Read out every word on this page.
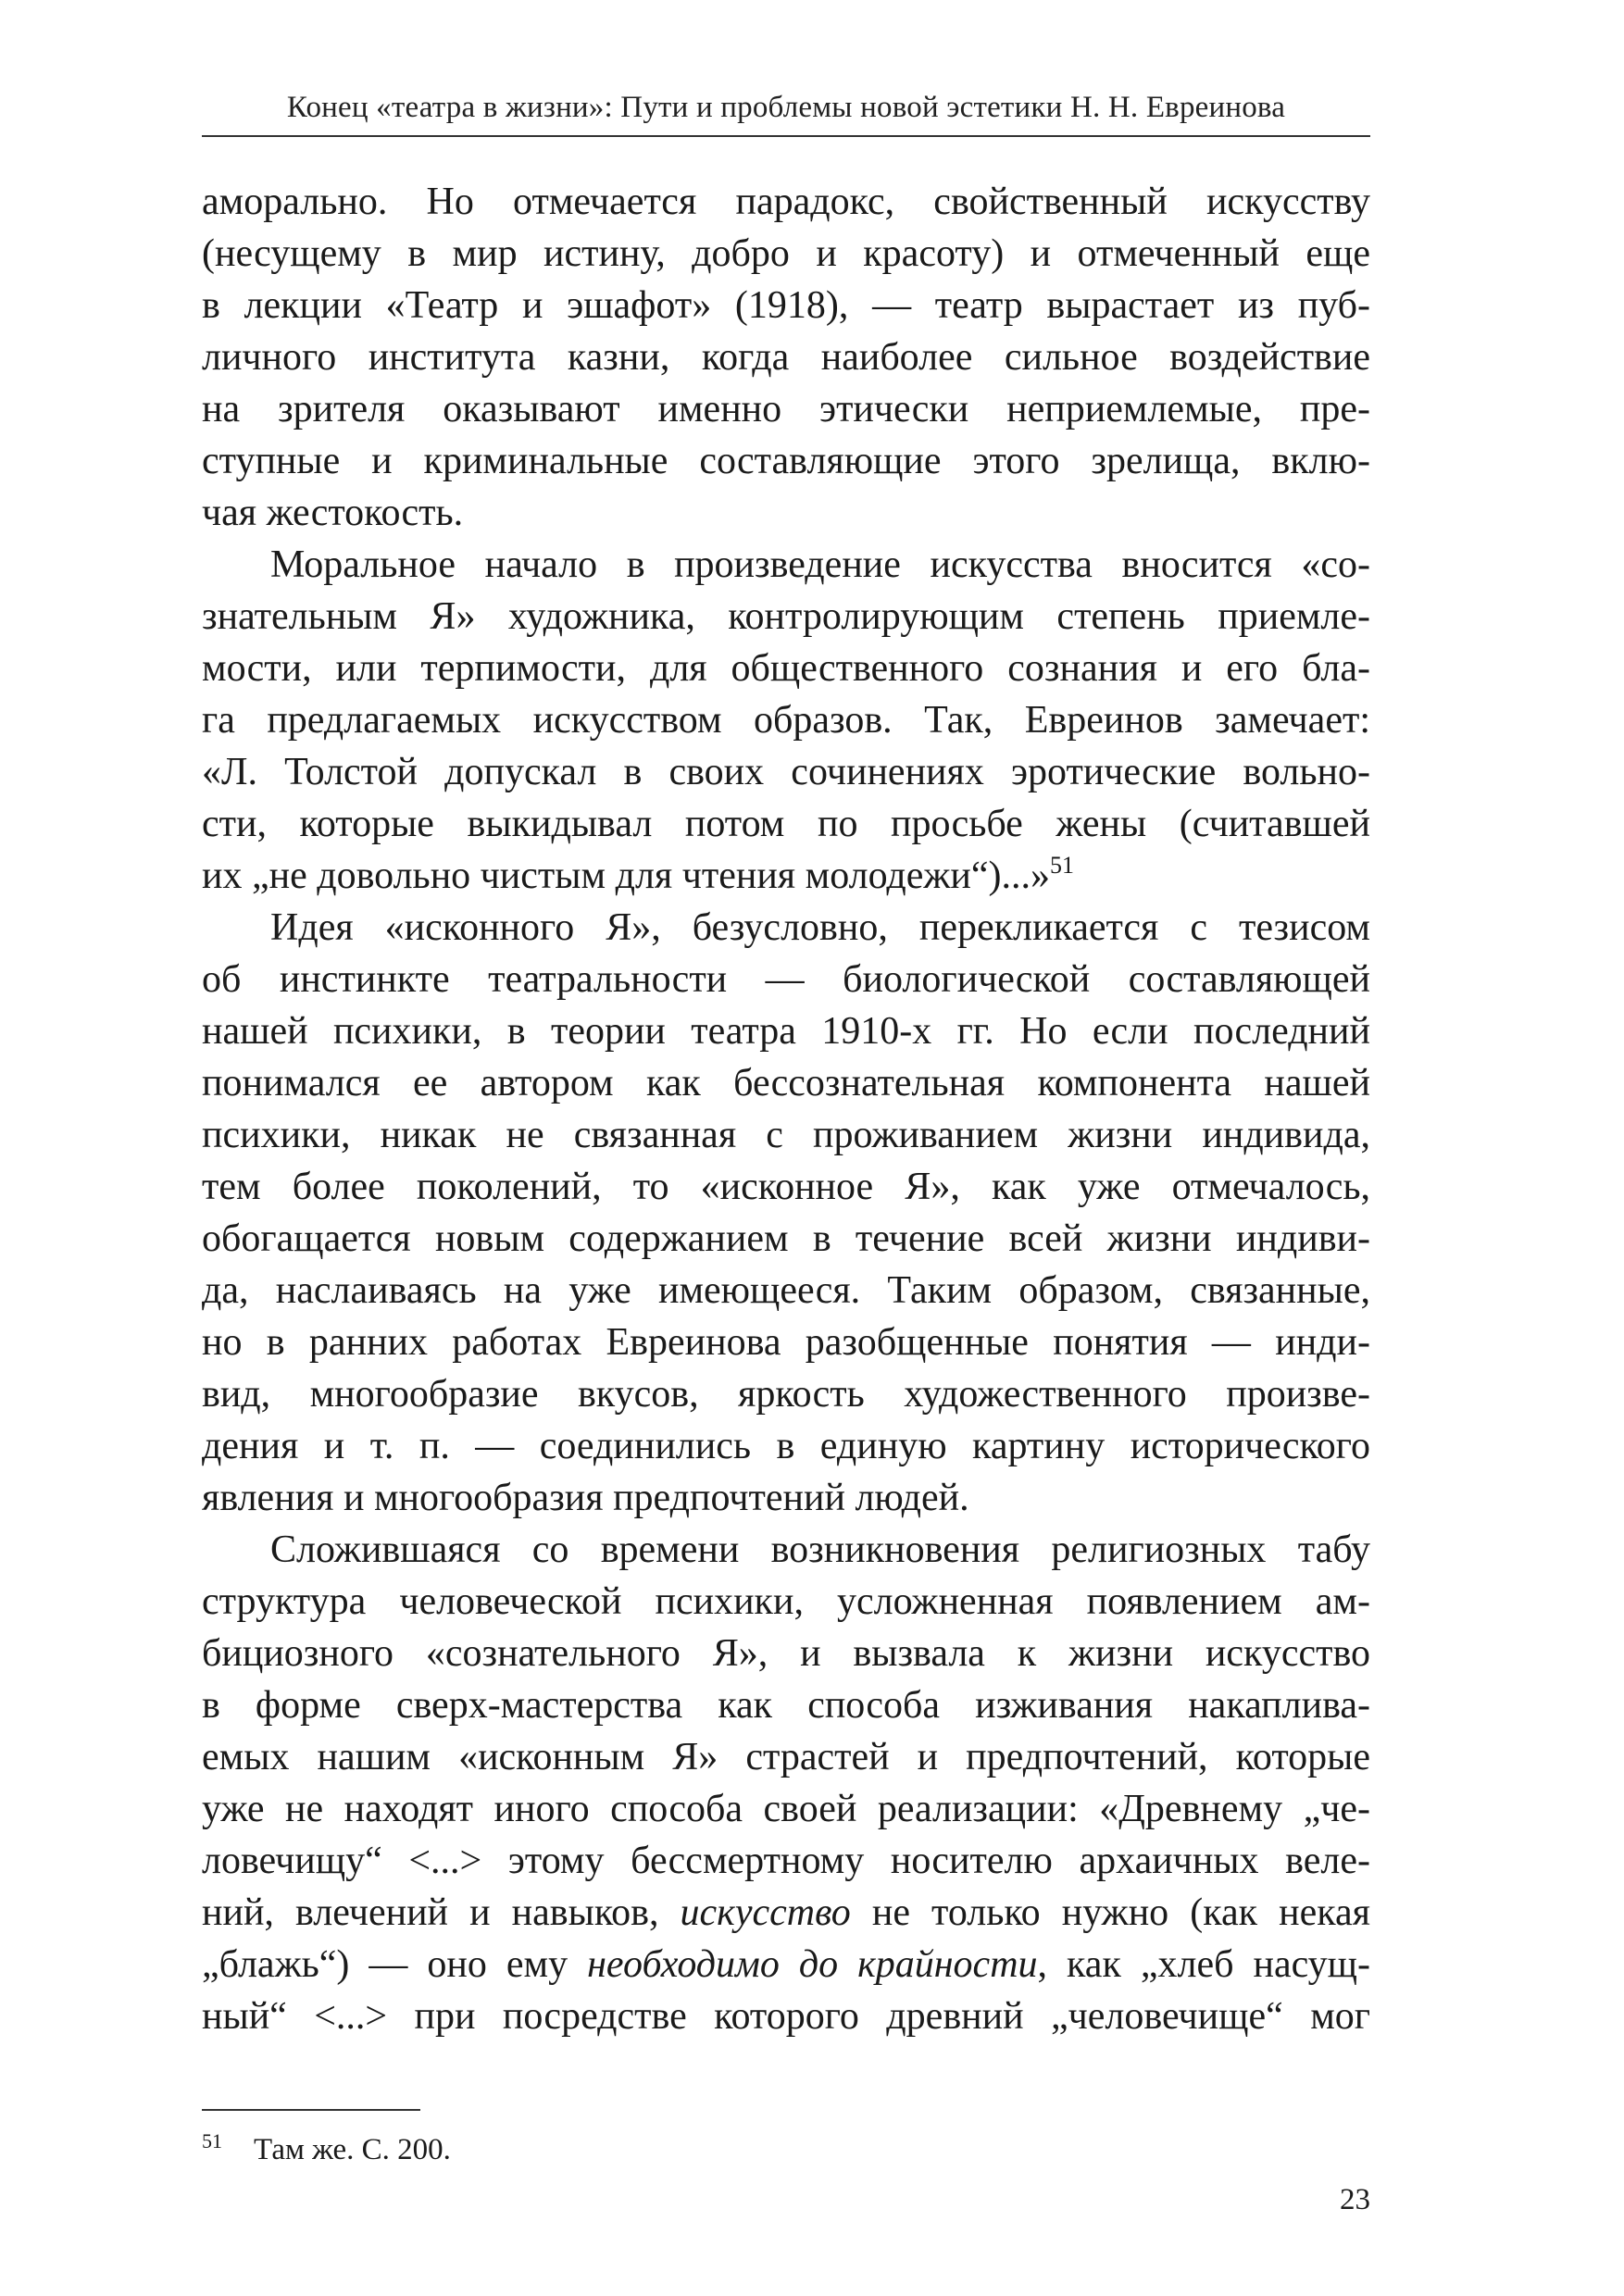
Конец «театра в жизни»: Пути и проблемы новой эстетики Н. Н. Евреинова
аморально. Но отмечается парадокс, свойственный искусству
(несущему в мир истину, добро и красоту) и отмеченный еще
в лекции «Театр и эшафот» (1918), — театр вырастает из пуб-
личного института казни, когда наиболее сильное воздействие
на зрителя оказывают именно этически неприемлемые, пре-
ступные и криминальные составляющие этого зрелища, вклю-
чая жестокость.
Моральное начало в произведение искусства вносится «со-
знательным Я» художника, контролирующим степень приемле-
мости, или терпимости, для общественного сознания и его бла-
га предлагаемых искусством образов. Так, Евреинов замечает:
«Л. Толстой допускал в своих сочинениях эротические вольно-
сти, которые выкидывал потом по просьбе жены (считавшей
их „не довольно чистым для чтения молодежи“)...»$^{51}$
Идея «исконного Я», безусловно, перекликается с тезисом
об инстинкте театральности — биологической составляющей
нашей психики, в теории театра 1910-х гг. Но если последний
понимался ее автором как бессознательная компонента нашей
психики, никак не связанная с проживанием жизни индивида,
тем более поколений, то «исконное Я», как уже отмечалось,
обогащается новым содержанием в течение всей жизни индиви-
да, наслаиваясь на уже имеющееся. Таким образом, связанные,
но в ранних работах Евреинова разобщенные понятия — инди-
вид, многообразие вкусов, яркость художественного произве-
дения и т. п. — соединились в единую картину исторического
явления и многообразия предпочтений людей.
Сложившаяся со времени возникновения религиозных табу
структура человеческой психики, усложненная появлением ам-
бициозного «сознательного Я», и вызвала к жизни искусство
в форме сверх-мастерства как способа изживания накаплива-
емых нашим «исконным Я» страстей и предпочтений, которые
уже не находят иного способа своей реализации: «Древнему „че-
ловечищу“ <...> этому бессмертному носителю архаичных веле-
ний, влечений и навыков, искусство не только нужно (как некая
„блажь“) — оно ему необходимо до крайности, как „хлеб насущ-
ный“ <...> при посредстве которого древний „человечище“ мог
51 Там же. С. 200.
23
